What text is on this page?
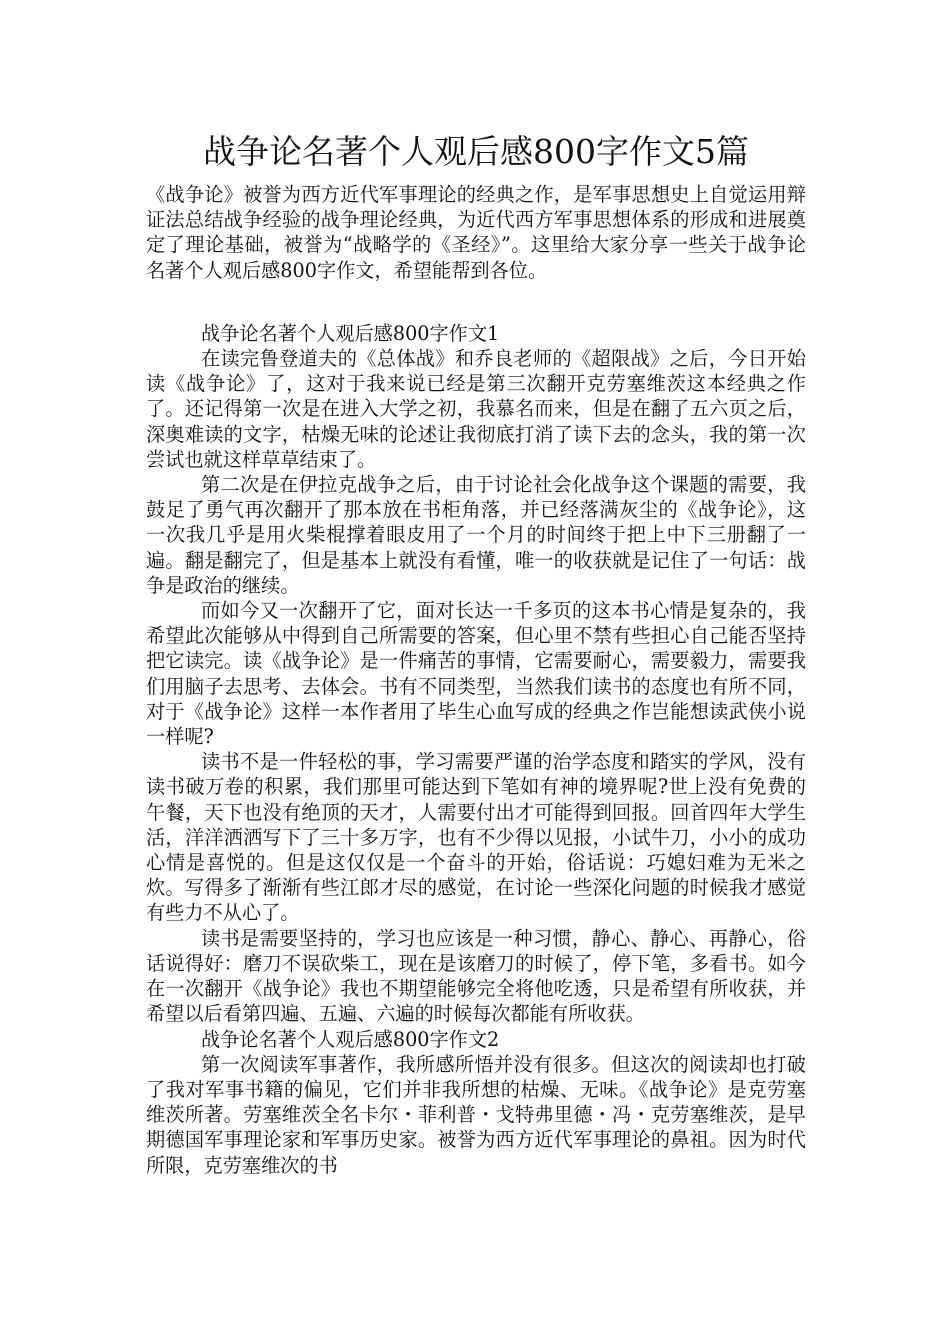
战争论名著个人观后感800字作文5篇

《战争论》被誉为西方近代军事理论的经典之作，是军事思想史上自觉运用辩证法总结战争经验的战争理论经典，为近代西方军事思想体系的形成和进展奠定了理论基础，被誉为“战略学的《圣经》”。这里给大家分享一些关于战争论名著个人观后感800字作文，希望能帮到各位。

战争论名著个人观后感800字作文1

在读完鲁登道夫的《总体战》和乔良老师的《超限战》之后，今日开始读《战争论》了，这对于我来说已经是第三次翻开克劳塞维茨这本经典之作了。还记得第一次是在进入大学之初，我慕名而来，但是在翻了五六页之后，深奥难读的文字，枯燥无味的论述让我彻底打消了读下去的念头，我的第一次尝试也就这样草草结束了。

第二次是在伊拉克战争之后，由于讨论社会化战争这个课题的需要，我鼓足了勇气再次翻开了那本放在书柜角落，并已经落满灰尘的《战争论》，这一次我几乎是用火柴棍撑着眼皮用了一个月的时间终于把上中下三册翻了一遍。翻是翻完了，但是基本上就没有看懂，唯一的收获就是记住了一句话：战争是政治的继续。

而如今又一次翻开了它，面对长达一千多页的这本书心情是复杂的，我希望此次能够从中得到自己所需要的答案，但心里不禁有些担心自己能否坚持把它读完。读《战争论》是一件痛苦的事情，它需要耐心，需要毅力，需要我们用脑子去思考、去体会。书有不同类型，当然我们读书的态度也有所不同，对于《战争论》这样一本作者用了毕生心血写成的经典之作岂能想读武侠小说一样呢?

读书不是一件轻松的事，学习需要严谨的治学态度和踏实的学风，没有读书破万卷的积累，我们那里可能达到下笔如有神的境界呢?世上没有免费的午餐，天下也没有绝顶的天才，人需要付出才可能得到回报。回首四年大学生活，洋洋洒洒写下了三十多万字，也有不少得以见报，小试牛刀，小小的成功心情是喜悦的。但是这仅仅是一个奋斗的开始，俗话说：巧媳妇难为无米之炊。写得多了渐渐有些江郎才尽的感觉，在讨论一些深化问题的时候我才感觉有些力不从心了。

读书是需要坚持的，学习也应该是一种习惯，静心、静心、再静心，俗话说得好：磨刀不误砍柴工，现在是该磨刀的时候了，停下笔，多看书。如今在一次翻开《战争论》我也不期望能够完全将他吃透，只是希望有所收获，并希望以后看第四遍、五遍、六遍的时候每次都能有所收获。

战争论名著个人观后感800字作文2

第一次阅读军事著作，我所感所悟并没有很多。但这次的阅读却也打破了我对军事书籍的偏见，它们并非我所想的枯燥、无味。《战争论》是克劳塞维茨所著。劳塞维茨全名卡尔・菲利普・戈特弗里德・冯・克劳塞维茨，是早期德国军事理论家和军事历史家。被誉为西方近代军事理论的鼻祖。因为时代所限，克劳塞维次的书
